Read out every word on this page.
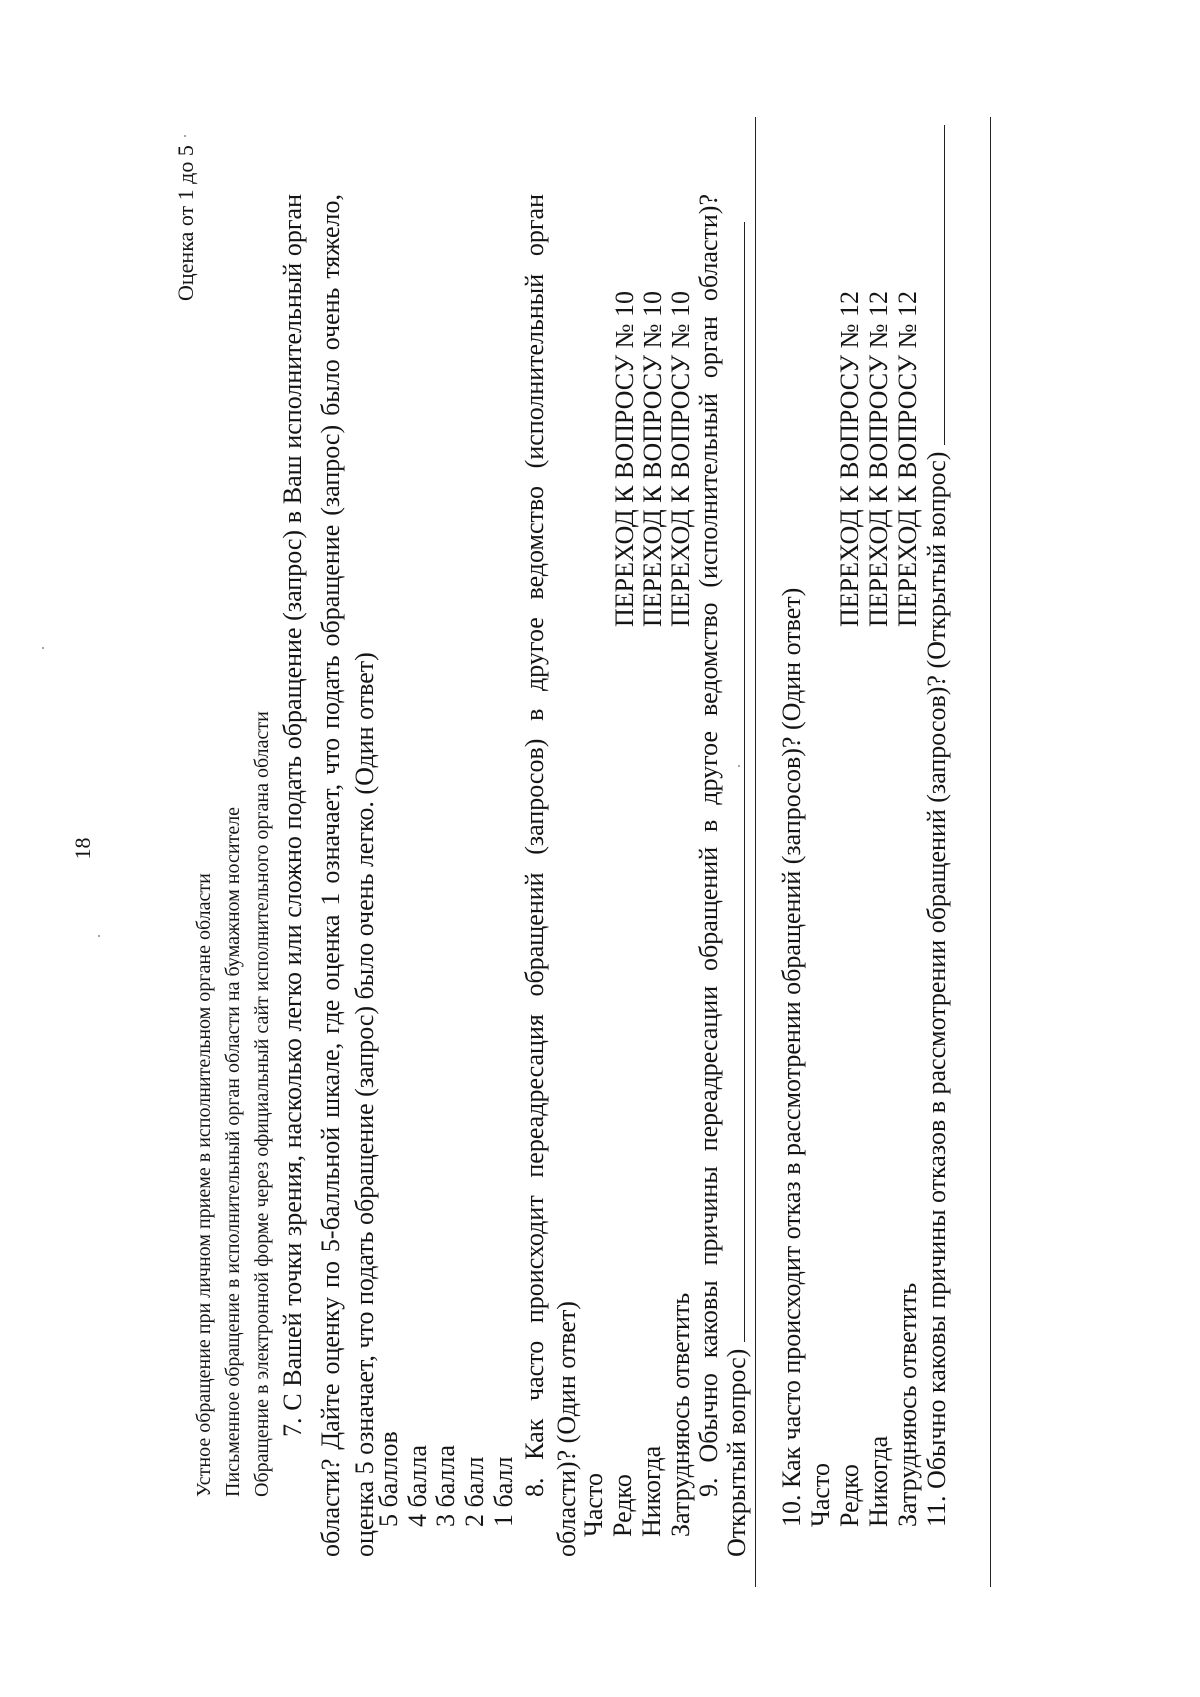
18
Оценка от 1 до 5
Устное обращение при личном приеме в исполнительном органе области Письменное обращение в исполнительный орган области на бумажном носителе Обращение в электронной форме через официальный сайт исполнительного органа области 7. С Вашей точки зрения, насколько легко или сложно подать обращение (запрос) в Ваш исполнительный орган области? Дайте оценку по 5-балльной шкале, где оценка 1 означает, что подать обращение (запрос) было очень тяжело, оценка 5 означает, что подать обращение (запрос) было очень легко. (Один ответ)
5 баллов 4 балла 3 балла 2 балл 1 балл 8. Как часто происходит переадресация обращений (запросов) в другое ведомство (исполнительный орган области)? (Один ответ)
Часто Редко Никогда Затрудняюсь ответить
ПЕРЕХОД К ВОПРОСУ № 10 ПЕРЕХОД К ВОПРОСУ № 10 ПЕРЕХОД К ВОПРОСУ № 10 9. Обычно каковы причины переадресации обращений в другое ведомство (исполнительный орган области)? Открытый вопрос) 10. Как часто происходит отказ в рассмотрении обращений (запросов)? (Один ответ) Часто Редко Никогда Затрудняюсь ответить
ПЕРЕХОД К ВОПРОСУ № 12 ПЕРЕХОД К ВОПРОСУ № 12 ПЕРЕХОД К ВОПРОСУ № 12 11. Обычно каковы причины отказов в рассмотрении обращений (запросов)? (Открытый вопрос)
